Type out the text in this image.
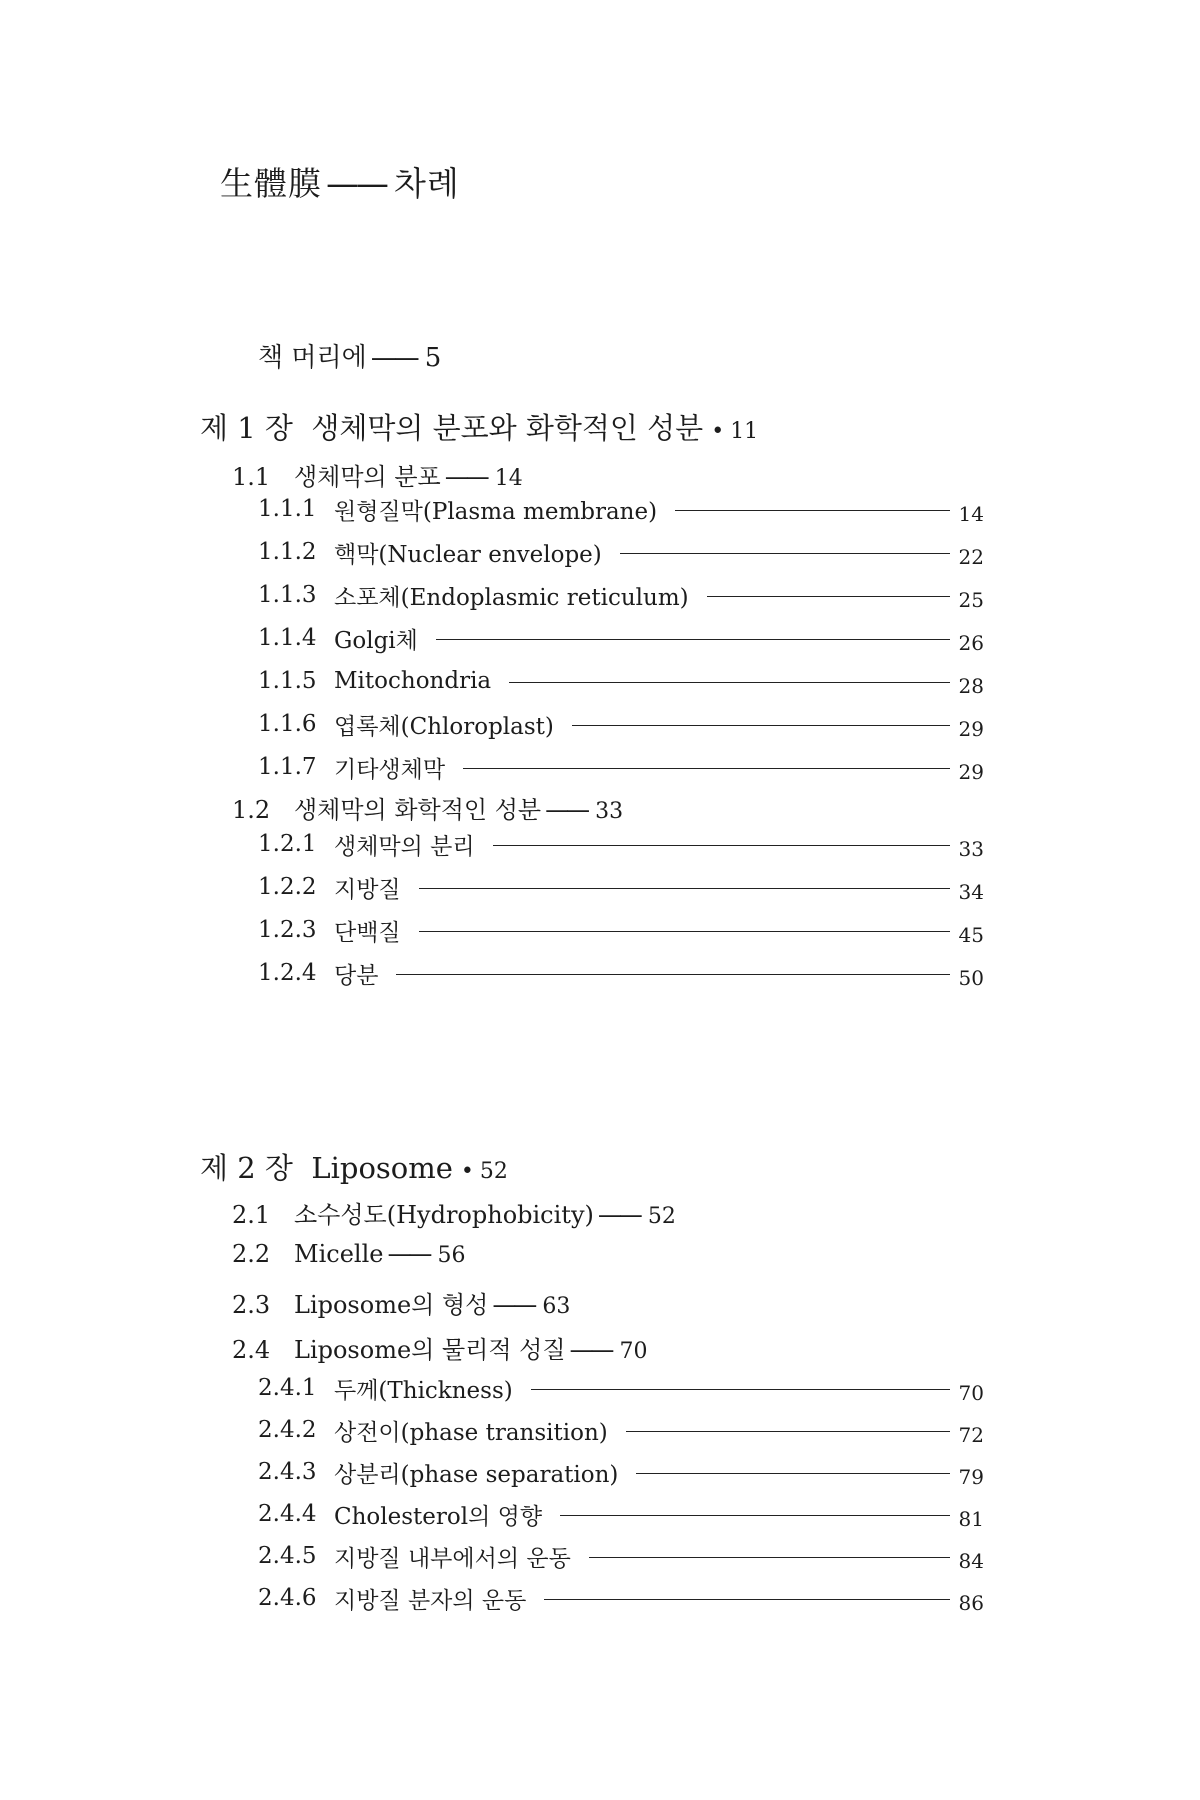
生體膜 —— 차례
책 머리에 —— 5
제 1 장 생체막의 분포와 화학적인 성분 • 11
1.1 생체막의 분포 —— 14
1.1.1 원형질막(Plasma membrane)	14
1.1.2 핵막(Nuclear envelope)	22
1.1.3 소포체(Endoplasmic reticulum)	25
1.1.4 Golgi체	26
1.1.5 Mitochondria	28
1.1.6 엽록체(Chloroplast)	29
1.1.7 기타생체막	29
1.2 생체막의 화학적인 성분 —— 33
1.2.1 생체막의 분리	33
1.2.2 지방질	34
1.2.3 단백질	45
1.2.4 당분	50
제 2 장 Liposome • 52
2.1 소수성도(Hydrophobicity) —— 52
2.2 Micelle —— 56
2.3 Liposome의 형성 —— 63
2.4 Liposome의 물리적 성질 —— 70
2.4.1 두께(Thickness)	70
2.4.2 상전이(phase transition)	72
2.4.3 상분리(phase separation)	79
2.4.4 Cholesterol의 영향	81
2.4.5 지방질 내부에서의 운동	84
2.4.6 지방질 분자의 운동	86
